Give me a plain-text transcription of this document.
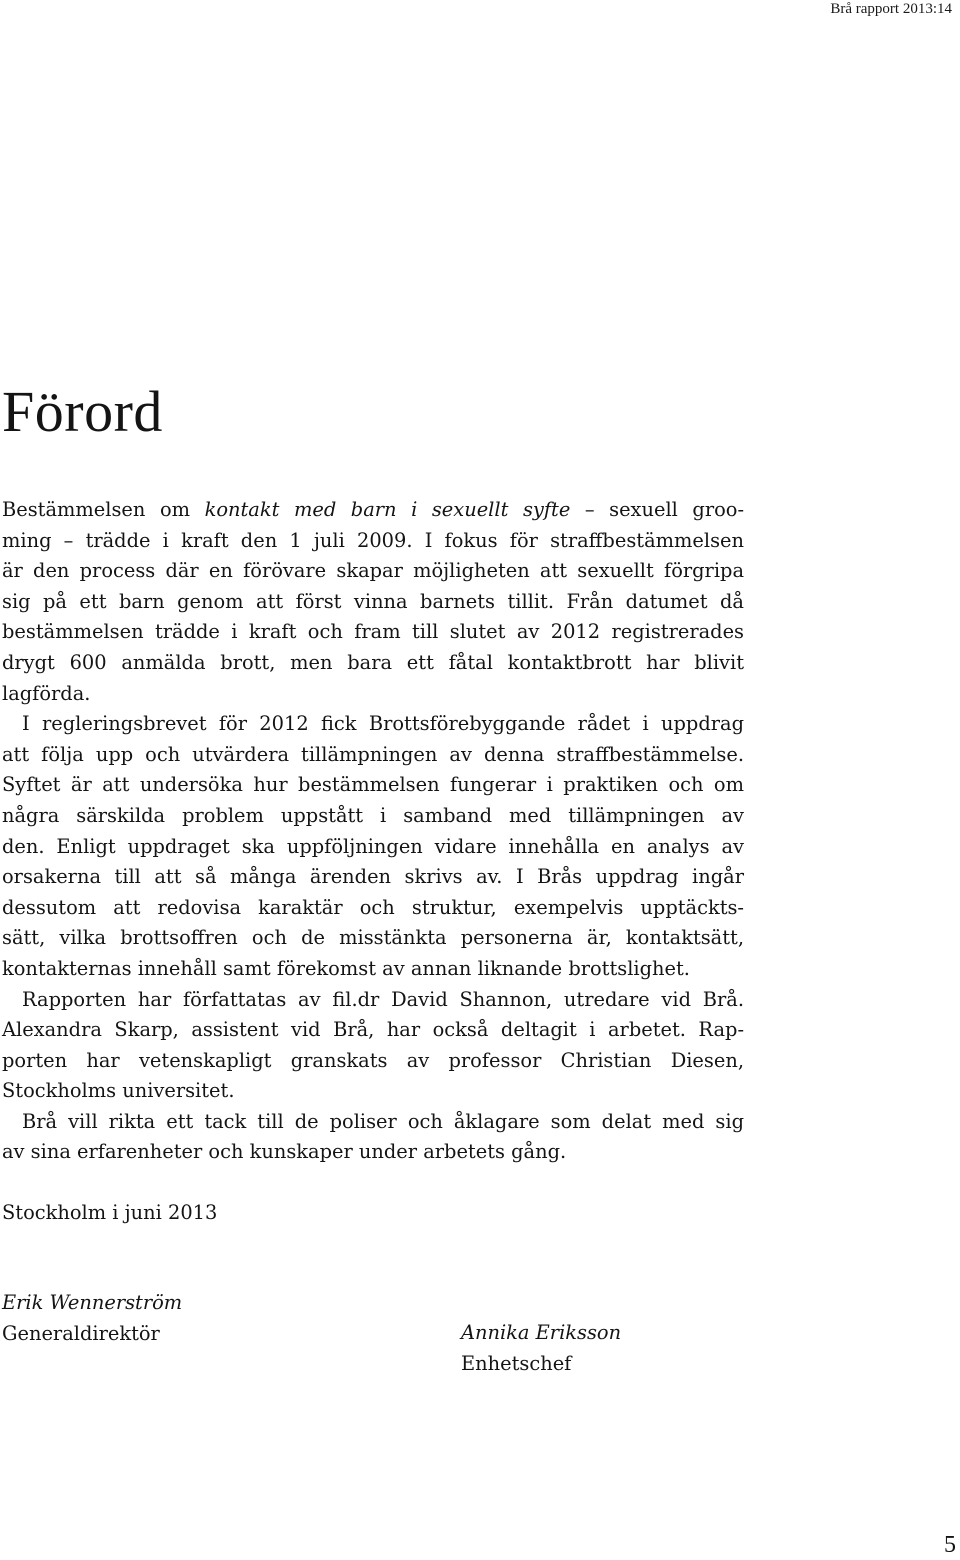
Brå rapport 2013:14
Förord
Bestämmelsen om kontakt med barn i sexuellt syfte – sexuell groo-
ming – trädde i kraft den 1 juli 2009. I fokus för straffbestämmelsen
är den process där en förövare skapar möjligheten att sexuellt förgripa
sig på ett barn genom att först vinna barnets tillit. Från datumet då
bestämmelsen trädde i kraft och fram till slutet av 2012 registrerades
drygt 600 anmälda brott, men bara ett fåtal kontaktbrott har blivit
lagförda.
I regleringsbrevet för 2012 fick Brottsförebyggande rådet i uppdrag
att följa upp och utvärdera tillämpningen av denna straffbestämmelse.
Syftet är att undersöka hur bestämmelsen fungerar i praktiken och om
några särskilda problem uppstått i samband med tillämpningen av
den. Enligt uppdraget ska uppföljningen vidare innehålla en analys av
orsakerna till att så många ärenden skrivs av. I Brås uppdrag ingår
dessutom att redovisa karaktär och struktur, exempelvis upptäckts-
sätt, vilka brottsoffren och de misstänkta personerna är, kontaktsätt,
kontakternas innehåll samt förekomst av annan liknande brottslighet.
Rapporten har författatas av fil.dr David Shannon, utredare vid Brå.
Alexandra Skarp, assistent vid Brå, har också deltagit i arbetet. Rap-
porten har vetenskapligt granskats av professor Christian Diesen,
Stockholms universitet.
Brå vill rikta ett tack till de poliser och åklagare som delat med sig
av sina erfarenheter och kunskaper under arbetets gång.
Stockholm i juni 2013
Erik Wennerström
Generaldirektör	Annika Eriksson
Enhetschef
5
